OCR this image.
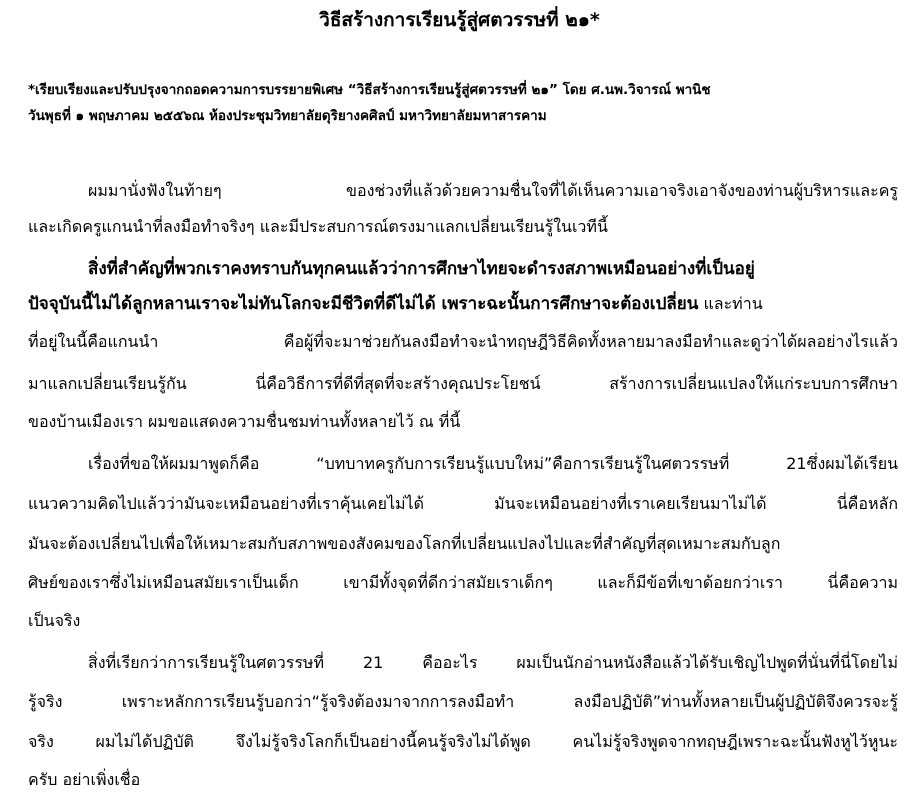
วิธีสร้างการเรียนรู้สู่ศตวรรษที่ ๒๑*
*เรียบเรียงและปรับปรุงจากถอดความการบรรยายพิเศษ “วิธีสร้างการเรียนรู้สู่ศตวรรษที่ ๒๑” โดย ศ.นพ.วิจารณ์ พานิช
วันพุธที่ ๑ พฤษภาคม ๒๕๕๖ณ ห้องประชุมวิทยาลัยดุริยางคศิลป์ มหาวิทยาลัยมหาสารคาม
ผมมานั่งฟังในท้ายๆ ของช่วงที่แล้วด้วยความชื่นใจที่ได้เห็นความเอาจริงเอาจังของท่านผู้บริหารและครู
และเกิดครูแกนนำที่ลงมือทำจริงๆ และมีประสบการณ์ตรงมาแลกเปลี่ยนเรียนรู้ในเวทีนี้
สิ่งที่สำคัญที่พวกเราคงทราบกันทุกคนแล้วว่าการศึกษาไทยจะดำรงสภาพเหมือนอย่างที่เป็นอยู่
ปัจจุบันนี้ไม่ได้ลูกหลานเราจะไม่ทันโลกจะมีชีวิตที่ดีไม่ได้ เพราะฉะนั้นการศึกษาจะต้องเปลี่ยน และท่าน
ที่อยู่ในนี้คือแกนนำ คือผู้ที่จะมาช่วยกันลงมือทำจะนำทฤษฎีวิธีคิดทั้งหลายมาลงมือทำและดูว่าได้ผลอย่างไรแล้ว
มาแลกเปลี่ยนเรียนรู้กัน นี่คือวิธีการที่ดีที่สุดที่จะสร้างคุณประโยชน์ สร้างการเปลี่ยนแปลงให้แก่ระบบการศึกษา
ของบ้านเมืองเรา ผมขอแสดงความชื่นชมท่านทั้งหลายไว้ ณ ที่นี้
เรื่องที่ขอให้ผมมาพูดก็คือ “บทบาทครูกับการเรียนรู้แบบใหม่”คือการเรียนรู้ในศตวรรษที่ 21ซึ่งผมได้เรียน
แนวความคิดไปแล้วว่ามันจะเหมือนอย่างที่เราคุ้นเคยไม่ได้ มันจะเหมือนอย่างที่เราเคยเรียนมาไม่ได้ นี่คือหลัก
มันจะต้องเปลี่ยนไปเพื่อให้เหมาะสมกับสภาพของสังคมของโลกที่เปลี่ยนแปลงไปและที่สำคัญที่สุดเหมาะสมกับลูก
ศิษย์ของเราซึ่งไม่เหมือนสมัยเราเป็นเด็ก เขามีทั้งจุดที่ดีกว่าสมัยเราเด็กๆ และก็มีข้อที่เขาด้อยกว่าเรา นี่คือความ
เป็นจริง
สิ่งที่เรียกว่าการเรียนรู้ในศตวรรษที่ 21 คืออะไร ผมเป็นนักอ่านหนังสือแล้วได้รับเชิญไปพูดที่นั่นที่นี่โดยไม่
รู้จริง เพราะหลักการเรียนรู้บอกว่า“รู้จริงต้องมาจากการลงมือทำ ลงมือปฏิบัติ”ท่านทั้งหลายเป็นผู้ปฏิบัติจึงควรจะรู้
จริง ผมไม่ได้ปฏิบัติ จึงไม่รู้จริงโลกก็เป็นอย่างนี้คนรู้จริงไม่ได้พูด คนไม่รู้จริงพูดจากทฤษฎีเพราะฉะนั้นฟังหูไว้หูนะ
ครับ อย่าเพิ่งเชื่อ
